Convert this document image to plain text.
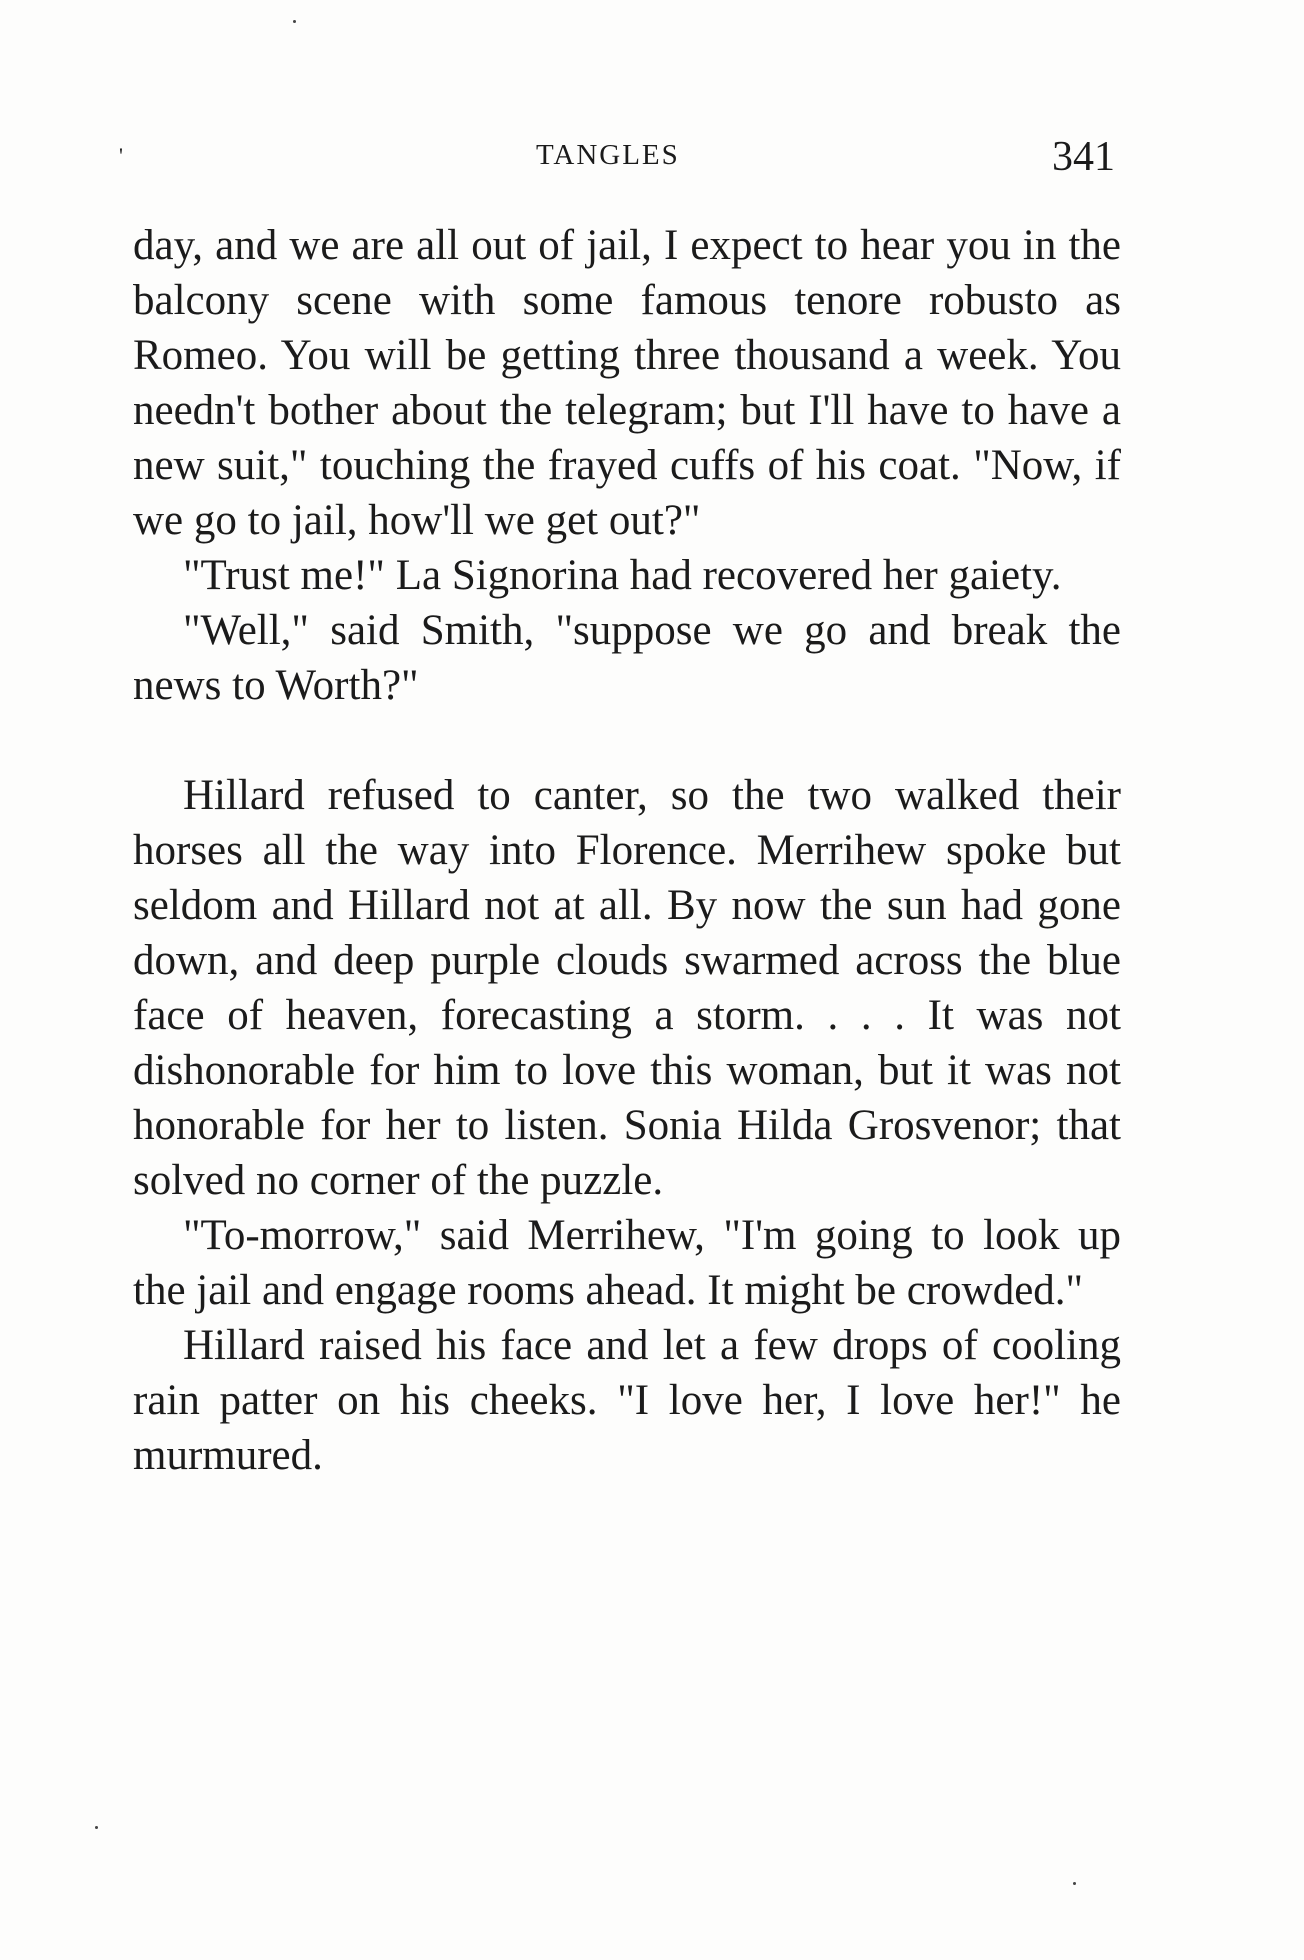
'	TANGLES	341

day, and we are all out of jail, I expect to hear you in the balcony scene with some famous tenore robusto as Romeo. You will be getting three thousand a week. You needn't bother about the telegram; but I'll have to have a new suit," touching the frayed cuffs of his coat. "Now, if we go to jail, how'll we get out?"

"Trust me!" La Signorina had recovered her gaiety.

"Well," said Smith, "suppose we go and break the news to Worth?"

Hillard refused to canter, so the two walked their horses all the way into Florence. Merrihew spoke but seldom and Hillard not at all. By now the sun had gone down, and deep purple clouds swarmed across the blue face of heaven, forecasting a storm. . . . It was not dishonorable for him to love this woman, but it was not honorable for her to listen. Sonia Hilda Grosvenor; that solved no corner of the puzzle.

"To-morrow," said Merrihew, "I'm going to look up the jail and engage rooms ahead. It might be crowded."

Hillard raised his face and let a few drops of cooling rain patter on his cheeks. "I love her, I love her!" he murmured.
